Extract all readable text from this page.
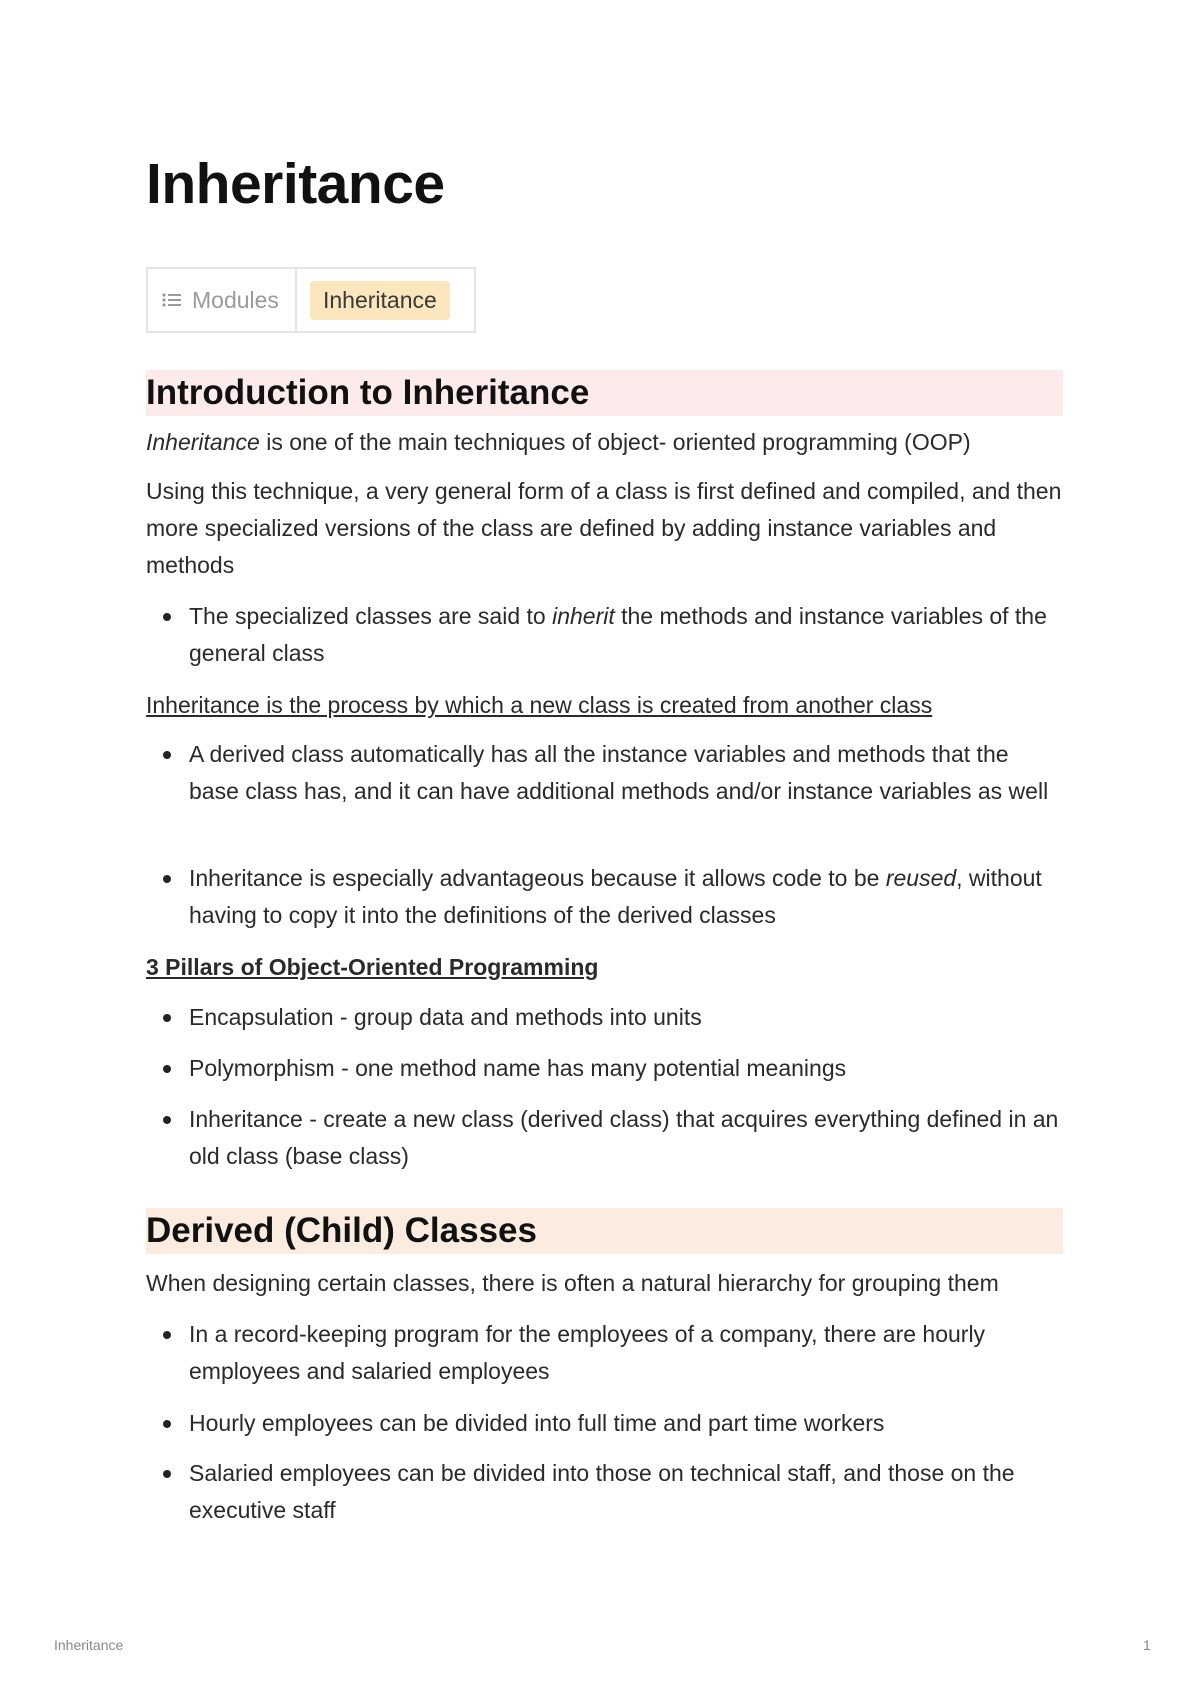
Inheritance
Modules	Inheritance
Introduction to Inheritance

Inheritance is one of the main techniques of object- oriented programming (OOP)

Using this technique, a very general form of a class is first defined and compiled, and then more specialized versions of the class are defined by adding instance variables and methods

The specialized classes are said to inherit the methods and instance variables of the general class

Inheritance is the process by which a new class is created from another class

A derived class automatically has all the instance variables and methods that the base class has, and it can have additional methods and/or instance variables as well

Inheritance is especially advantageous because it allows code to be reused, without having to copy it into the definitions of the derived classes

3 Pillars of Object-Oriented Programming

Encapsulation - group data and methods into units

Polymorphism - one method name has many potential meanings

Inheritance - create a new class (derived class) that acquires everything defined in an old class (base class)

Derived (Child) Classes

When designing certain classes, there is often a natural hierarchy for grouping them

In a record-keeping program for the employees of a company, there are hourly employees and salaried employees

Hourly employees can be divided into full time and part time workers

Salaried employees can be divided into those on technical staff, and those on the executive staff

Inheritance	1
